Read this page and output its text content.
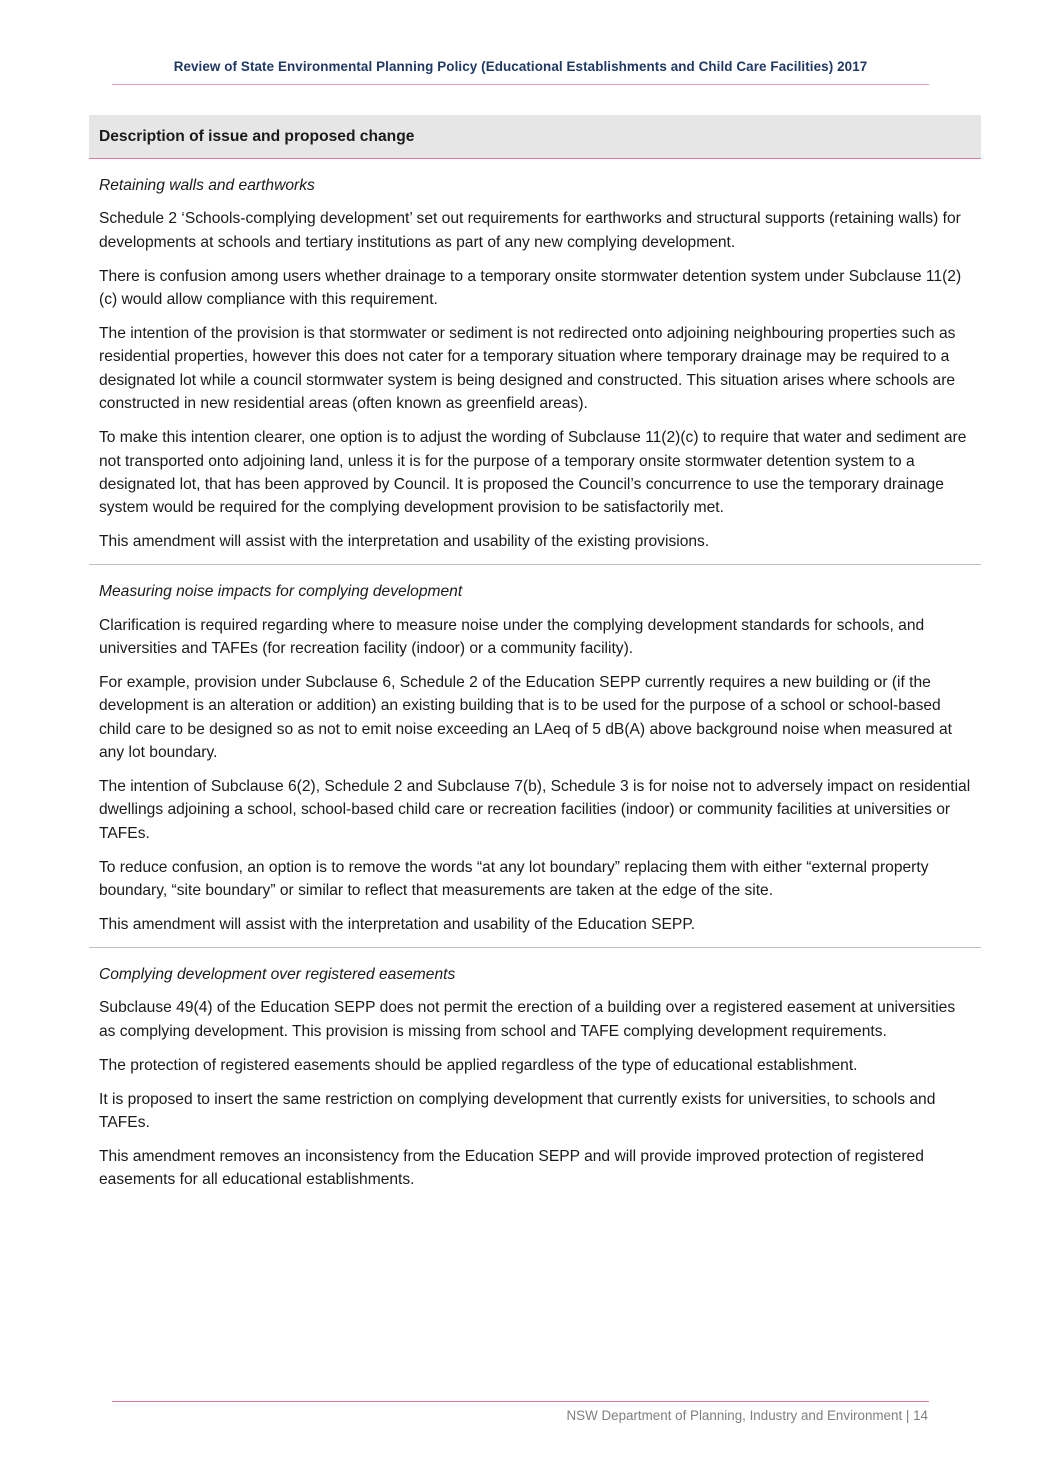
Review of State Environmental Planning Policy (Educational Establishments and Child Care Facilities) 2017
Description of issue and proposed change

Retaining walls and earthworks

Schedule 2 ‘Schools-complying development’ set out requirements for earthworks and structural supports (retaining walls) for developments at schools and tertiary institutions as part of any new complying development.

There is confusion among users whether drainage to a temporary onsite stormwater detention system under Subclause 11(2)(c) would allow compliance with this requirement.

The intention of the provision is that stormwater or sediment is not redirected onto adjoining neighbouring properties such as residential properties, however this does not cater for a temporary situation where temporary drainage may be required to a designated lot while a council stormwater system is being designed and constructed. This situation arises where schools are constructed in new residential areas (often known as greenfield areas).

To make this intention clearer, one option is to adjust the wording of Subclause 11(2)(c) to require that water and sediment are not transported onto adjoining land, unless it is for the purpose of a temporary onsite stormwater detention system to a designated lot, that has been approved by Council. It is proposed the Council’s concurrence to use the temporary drainage system would be required for the complying development provision to be satisfactorily met.

This amendment will assist with the interpretation and usability of the existing provisions.

Measuring noise impacts for complying development

Clarification is required regarding where to measure noise under the complying development standards for schools, and universities and TAFEs (for recreation facility (indoor) or a community facility).

For example, provision under Subclause 6, Schedule 2 of the Education SEPP currently requires a new building or (if the development is an alteration or addition) an existing building that is to be used for the purpose of a school or school-based child care to be designed so as not to emit noise exceeding an LAeq of 5 dB(A) above background noise when measured at any lot boundary.

The intention of Subclause 6(2), Schedule 2 and Subclause 7(b), Schedule 3 is for noise not to adversely impact on residential dwellings adjoining a school, school-based child care or recreation facilities (indoor) or community facilities at universities or TAFEs.

To reduce confusion, an option is to remove the words “at any lot boundary” replacing them with either “external property boundary, “site boundary” or similar to reflect that measurements are taken at the edge of the site.

This amendment will assist with the interpretation and usability of the Education SEPP.

Complying development over registered easements

Subclause 49(4) of the Education SEPP does not permit the erection of a building over a registered easement at universities as complying development. This provision is missing from school and TAFE complying development requirements.

The protection of registered easements should be applied regardless of the type of educational establishment.

It is proposed to insert the same restriction on complying development that currently exists for universities, to schools and TAFEs.

This amendment removes an inconsistency from the Education SEPP and will provide improved protection of registered easements for all educational establishments.

NSW Department of Planning, Industry and Environment | 14
